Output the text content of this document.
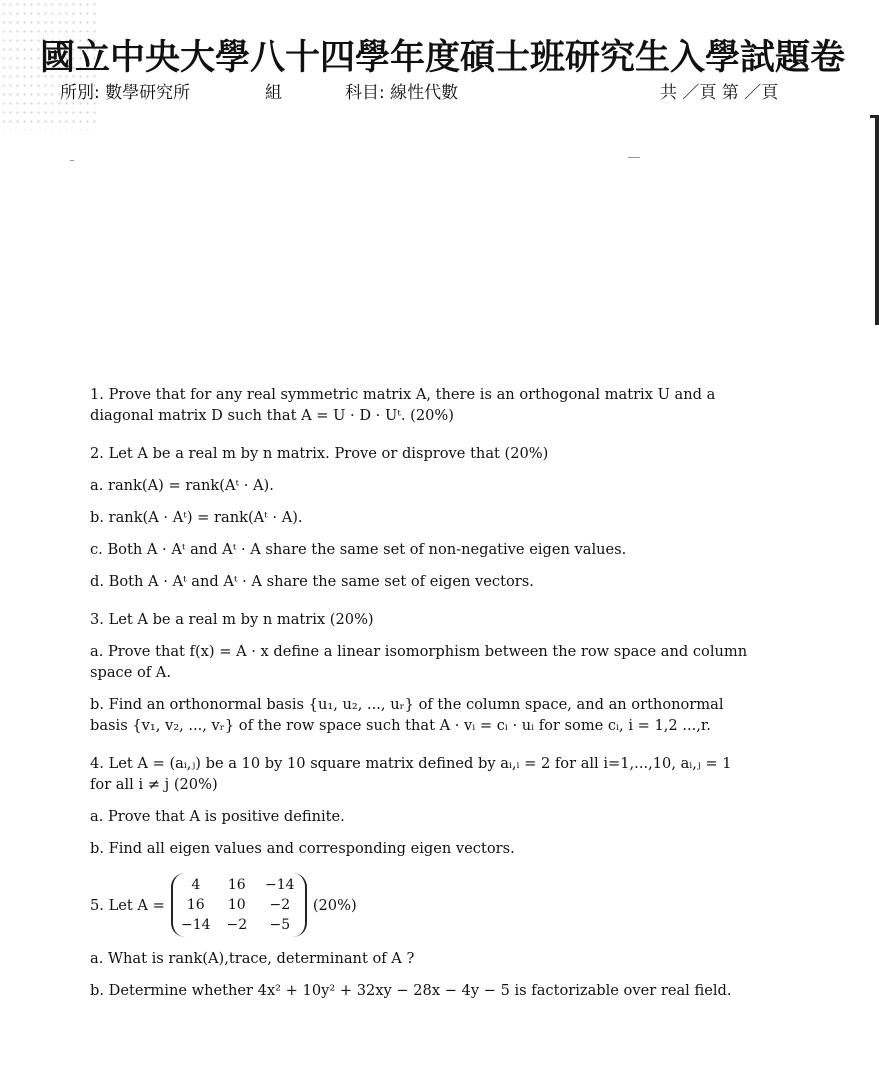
國立中央大學八十四學年度碩士班研究生入學試題卷
所別: 數學研究所	組	科目: 線性代數	共 ／頁 第 ／頁

1. Prove that for any real symmetric matrix A, there is an orthogonal matrix U and a

diagonal matrix D such that A = U · D · Uᵗ. (20%)

2. Let A be a real m by n matrix. Prove or disprove that (20%)

a. rank(A) = rank(Aᵗ · A).

b. rank(A · Aᵗ) = rank(Aᵗ · A).

c. Both A · Aᵗ and Aᵗ · A share the same set of non-negative eigen values.

d. Both A · Aᵗ and Aᵗ · A share the same set of eigen vectors.

3. Let A be a real m by n matrix (20%)

a. Prove that f(x) = A · x define a linear isomorphism between the row space and column

space of A.

b. Find an orthonormal basis {u₁, u₂, ..., uᵣ} of the column space, and an orthonormal

basis {v₁, v₂, ..., vᵣ} of the row space such that A · vᵢ = cᵢ · uᵢ for some cᵢ, i = 1,2 ...,r.

4. Let A = (aᵢ,ⱼ) be a 10 by 10 square matrix defined by aᵢ,ᵢ = 2 for all i=1,...,10, aᵢ,ⱼ = 1

for all i ≠ j (20%)

a. Prove that A is positive definite.

b. Find all eigen values and corresponding eigen vectors.

5. Let A =
4	16	−14
16	10	−2
−14	−2	−5
(20%)

a. What is rank(A),trace, determinant of A ?

b. Determine whether 4x² + 10y² + 32xy − 28x − 4y − 5 is factorizable over real field.
